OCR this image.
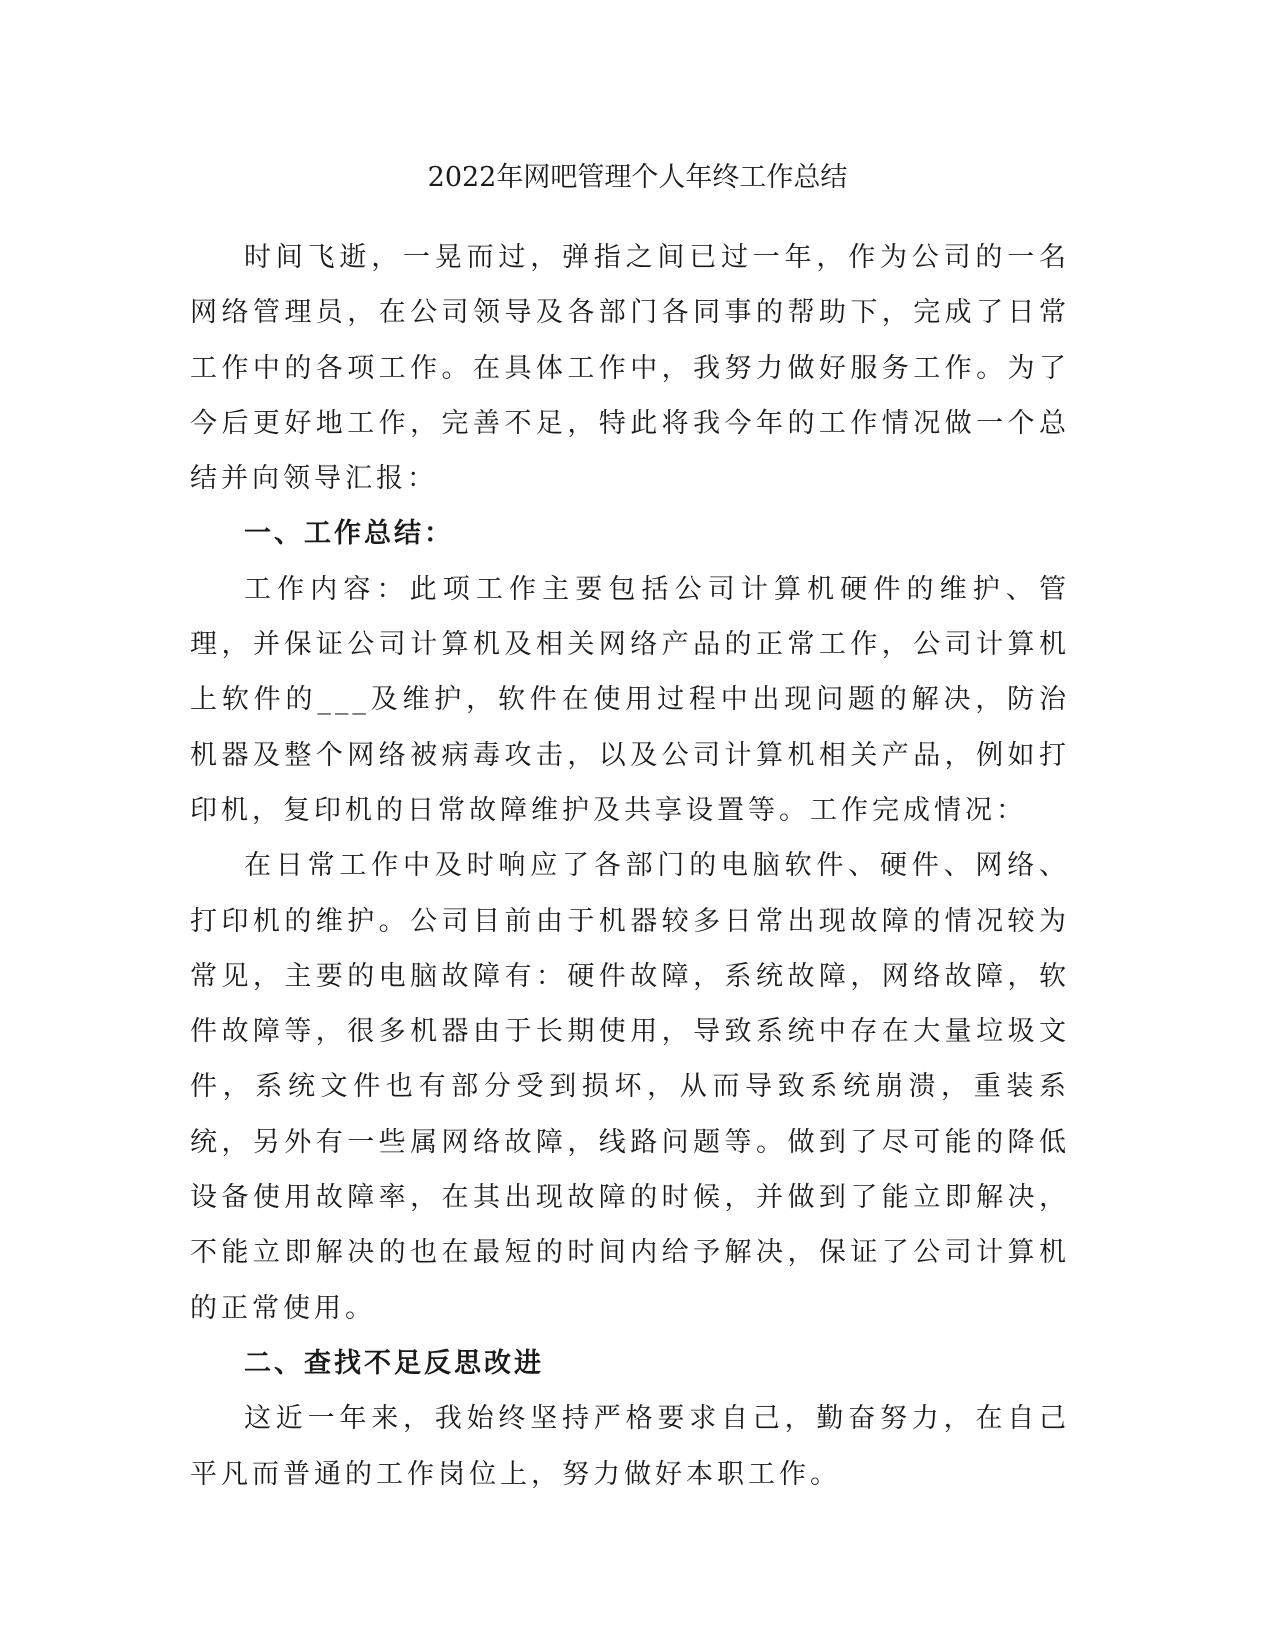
2022年网吧管理个人年终工作总结

时间飞逝，一晃而过，弹指之间已过一年，作为公司的一名网络管理员，在公司领导及各部门各同事的帮助下，完成了日常工作中的各项工作。在具体工作中，我努力做好服务工作。为了今后更好地工作，完善不足，特此将我今年的工作情况做一个总结并向领导汇报：

一、工作总结：

工作内容：此项工作主要包括公司计算机硬件的维护、管理，并保证公司计算机及相关网络产品的正常工作，公司计算机上软件的___及维护，软件在使用过程中出现问题的解决，防治机器及整个网络被病毒攻击，以及公司计算机相关产品，例如打印机，复印机的日常故障维护及共享设置等。工作完成情况：

在日常工作中及时响应了各部门的电脑软件、硬件、网络、打印机的维护。公司目前由于机器较多日常出现故障的情况较为常见，主要的电脑故障有：硬件故障，系统故障，网络故障，软件故障等，很多机器由于长期使用，导致系统中存在大量垃圾文件，系统文件也有部分受到损坏，从而导致系统崩溃，重装系统，另外有一些属网络故障，线路问题等。做到了尽可能的降低设备使用故障率，在其出现故障的时候，并做到了能立即解决，不能立即解决的也在最短的时间内给予解决，保证了公司计算机的正常使用。

二、查找不足反思改进

这近一年来，我始终坚持严格要求自己，勤奋努力，在自己平凡而普通的工作岗位上，努力做好本职工作。
